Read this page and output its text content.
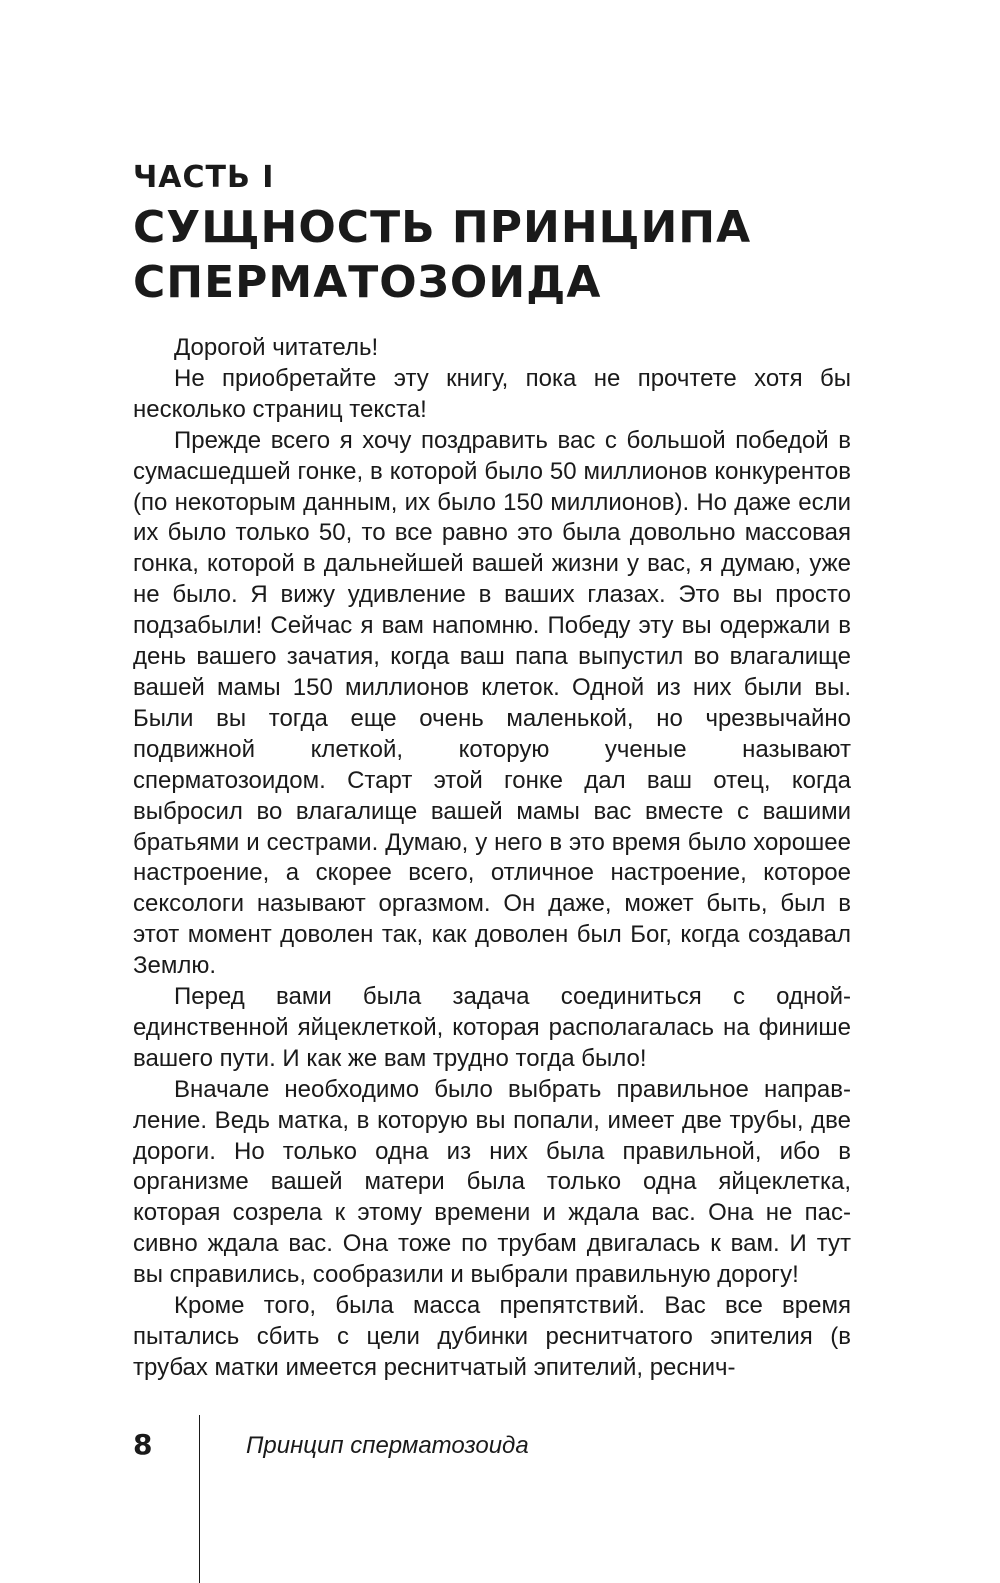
ЧАСТЬ I
СУЩНОСТЬ ПРИНЦИПА СПЕРМАТОЗОИДА

Дорогой читатель!

Не приобретайте эту книгу, пока не прочтете хотя бы несколько страниц текста!

Прежде всего я хочу поздравить вас с большой победой в сумасшедшей гонке, в которой было 50 миллионов конкурентов (по некоторым данным, их было 150 миллионов). Но даже если их было только 50, то все равно это была довольно массовая гонка, которой в дальнейшей вашей жизни у вас, я думаю, уже не было. Я вижу удивление в ваших глазах. Это вы просто подзабыли! Сейчас я вам напомню. Победу эту вы одержали в день вашего зачатия, когда ваш папа выпустил во влагалище вашей мамы 150 миллионов клеток. Одной из них были вы. Были вы тогда еще очень маленькой, но чрезвычайно подвижной клеткой, которую ученые называют сперматозоидом. Старт этой гонке дал ваш отец, когда выбросил во влагалище вашей мамы вас вместе с вашими братьями и сестрами. Думаю, у него в это время было хорошее настроение, а скорее всего, отличное настроение, которое сексологи называют оргазмом. Он даже, может быть, был в этот момент доволен так, как доволен был Бог, когда создавал Землю.

Перед вами была задача соединиться с одной-единственной яйцеклеткой, которая располагалась на финише вашего пути. И как же вам трудно тогда было!

Вначале необходимо было выбрать правильное направление. Ведь матка, в которую вы попали, имеет две трубы, две дороги. Но только одна из них была правильной, ибо в организме вашей матери была только одна яйцеклетка, которая созрела к этому времени и ждала вас. Она не пассивно ждала вас. Она тоже по трубам двигалась к вам. И тут вы справились, сообразили и выбрали правильную дорогу!

Кроме того, была масса препятствий. Вас все время пытались сбить с цели дубинки реснитчатого эпителия (в трубах матки имеется реснитчатый эпителий, реснич-

8	Принцип сперматозоида
